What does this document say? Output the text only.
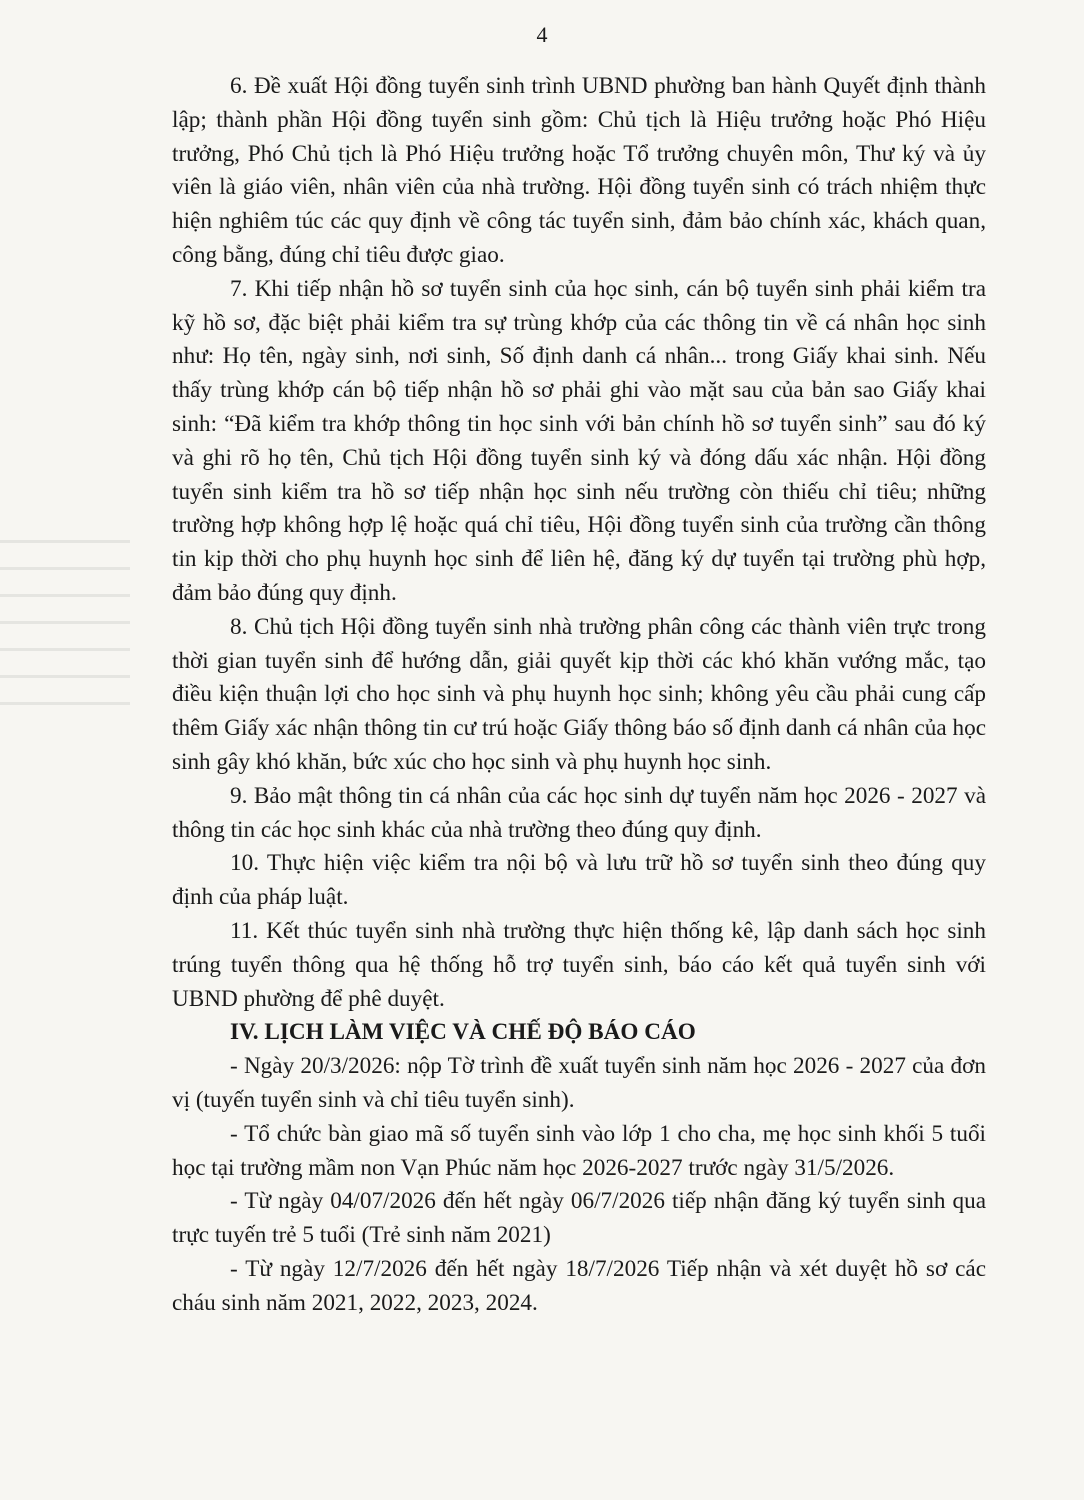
4

6. Đề xuất Hội đồng tuyển sinh trình UBND phường ban hành Quyết định thành lập; thành phần Hội đồng tuyển sinh gồm: Chủ tịch là Hiệu trưởng hoặc Phó Hiệu trưởng, Phó Chủ tịch là Phó Hiệu trưởng hoặc Tổ trưởng chuyên môn, Thư ký và ủy viên là giáo viên, nhân viên của nhà trường. Hội đồng tuyển sinh có trách nhiệm thực hiện nghiêm túc các quy định về công tác tuyển sinh, đảm bảo chính xác, khách quan, công bằng, đúng chỉ tiêu được giao.

7. Khi tiếp nhận hồ sơ tuyển sinh của học sinh, cán bộ tuyển sinh phải kiểm tra kỹ hồ sơ, đặc biệt phải kiểm tra sự trùng khớp của các thông tin về cá nhân học sinh như: Họ tên, ngày sinh, nơi sinh, Số định danh cá nhân... trong Giấy khai sinh. Nếu thấy trùng khớp cán bộ tiếp nhận hồ sơ phải ghi vào mặt sau của bản sao Giấy khai sinh: “Đã kiểm tra khớp thông tin học sinh với bản chính hồ sơ tuyển sinh” sau đó ký và ghi rõ họ tên, Chủ tịch Hội đồng tuyển sinh ký và đóng dấu xác nhận. Hội đồng tuyển sinh kiểm tra hồ sơ tiếp nhận học sinh nếu trường còn thiếu chỉ tiêu; những trường hợp không hợp lệ hoặc quá chỉ tiêu, Hội đồng tuyển sinh của trường cần thông tin kịp thời cho phụ huynh học sinh để liên hệ, đăng ký dự tuyển tại trường phù hợp, đảm bảo đúng quy định.

8. Chủ tịch Hội đồng tuyển sinh nhà trường phân công các thành viên trực trong thời gian tuyển sinh để hướng dẫn, giải quyết kịp thời các khó khăn vướng mắc, tạo điều kiện thuận lợi cho học sinh và phụ huynh học sinh; không yêu cầu phải cung cấp thêm Giấy xác nhận thông tin cư trú hoặc Giấy thông báo số định danh cá nhân của học sinh gây khó khăn, bức xúc cho học sinh và phụ huynh học sinh.

9. Bảo mật thông tin cá nhân của các học sinh dự tuyển năm học 2026 - 2027 và thông tin các học sinh khác của nhà trường theo đúng quy định.

10. Thực hiện việc kiểm tra nội bộ và lưu trữ hồ sơ tuyển sinh theo đúng quy định của pháp luật.

11. Kết thúc tuyển sinh nhà trường thực hiện thống kê, lập danh sách học sinh trúng tuyển thông qua hệ thống hỗ trợ tuyển sinh, báo cáo kết quả tuyển sinh với UBND phường để phê duyệt.

IV. LỊCH LÀM VIỆC VÀ CHẾ ĐỘ BÁO CÁO

- Ngày 20/3/2026: nộp Tờ trình đề xuất tuyển sinh năm học 2026 - 2027 của đơn vị (tuyến tuyển sinh và chỉ tiêu tuyển sinh).

- Tổ chức bàn giao mã số tuyển sinh vào lớp 1 cho cha, mẹ học sinh khối 5 tuổi học tại trường mầm non Vạn Phúc năm học 2026-2027 trước ngày 31/5/2026.

- Từ ngày 04/07/2026 đến hết ngày 06/7/2026 tiếp nhận đăng ký tuyển sinh qua trực tuyến trẻ 5 tuổi (Trẻ sinh năm 2021)

- Từ ngày 12/7/2026 đến hết ngày 18/7/2026 Tiếp nhận và xét duyệt hồ sơ các cháu sinh năm 2021, 2022, 2023, 2024.
